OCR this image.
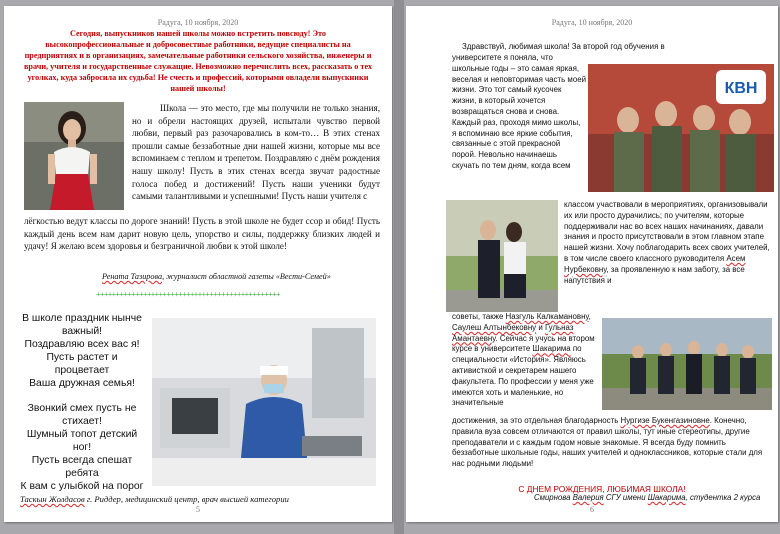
Радуга, 10 ноября, 2020
Сегодня, выпускников нашей школы можно встретить повсюду! Это высокопрофессиональные и добросовестные работники, ведущие специалисты на предприятиях и в организациях, замечательные работники сельского хозяйства, инженеры и врачи, учителя и государственные служащие. Невозможно перечислить всех, рассказать о тех уголках, куда забросила их судьба! Не счесть и профессий, которыми овладели выпускники нашей школы!
Школа — это место, где мы получили не только знания, но и обрели настоящих друзей, испытали чувство первой любви, первый раз разочаровались в ком-то… В этих стенах прошли самые беззаботные дни нашей жизни, которые мы все вспоминаем с теплом и трепетом. Поздравляю с днём рождения нашу школу! Пусть в этих стенах всегда звучат радостные голоса побед и достижений! Пусть наши ученики будут самыми талантливыми и успешными! Пусть наши учителя с
лёгкостью ведут классы по дороге знаний! Пусть в этой школе не будет ссор и обид! Пусть каждый день всем нам дарит новую цель, упорство и силы, поддержку близких людей и удачу! Я желаю всем здоровья и безграничной любви к этой школе!
Рената Тазирова, журналист областной газеты «Вести-Семей»
+++++++++++++++++++++++++++++++++++++++++++++++
В школе праздник нынче
важный!
Поздравляю всех вас я!
Пусть растет и
процветает
Ваша дружная семья!
Звонкий смех пусть не
стихает!
Шумный топот детский
ног!
Пусть всегда спешат
ребята
К вам с улыбкой на порог
Таскын Жолдасов г. Риддер, медицинский центр, врач высшей категории
5
Радуга, 10 ноября, 2020
Здравствуй, любимая школа! За второй год обучения в
университете я поняла, что школьные годы – это самая яркая, веселая и неповторимая часть моей жизни. Это тот самый кусочек жизни, в который хочется возвращаться снова и снова. Каждый раз, проходя мимо школы, я вспоминаю все яркие события, связанные с этой прекрасной порой. Невольно начинаешь скучать по тем дням, когда всем
КВН
классом участвовали в мероприятиях, организовывали их или просто дурачились; по учителям, которые поддерживали нас во всех наших начинаниях, давали знания и просто присутствовали в этом главном этапе нашей жизни. Хочу поблагодарить всех своих учителей, в том числе своего классного руководителя Асем Нурбековну, за проявленную к нам заботу, за все напутствия и
советы, также Назгуль Калкамановну, Саулеш Алтынбековну и Гульназ Амантаевну. Сейчас я учусь на втором курсе в университете Шакарима по специальности «История». Являюсь активисткой и секретарем нашего факультета. По профессии у меня уже имеются хоть и маленькие, но значительные
достижения, за это отдельная благодарность Нургизе Букенгазиновне. Конечно, правила вуза совсем отличаются от правил школы, тут иные стереотипы, другие преподаватели и с каждым годом новые знакомые. Я всегда буду помнить беззаботные школьные годы, наших учителей и одноклассников, которые стали для нас родными людьми!
С ДНЕМ РОЖДЕНИЯ, ЛЮБИМАЯ ШКОЛА!
Смирнова Валерия СГУ имени Шакарима, студентка 2 курса
6
